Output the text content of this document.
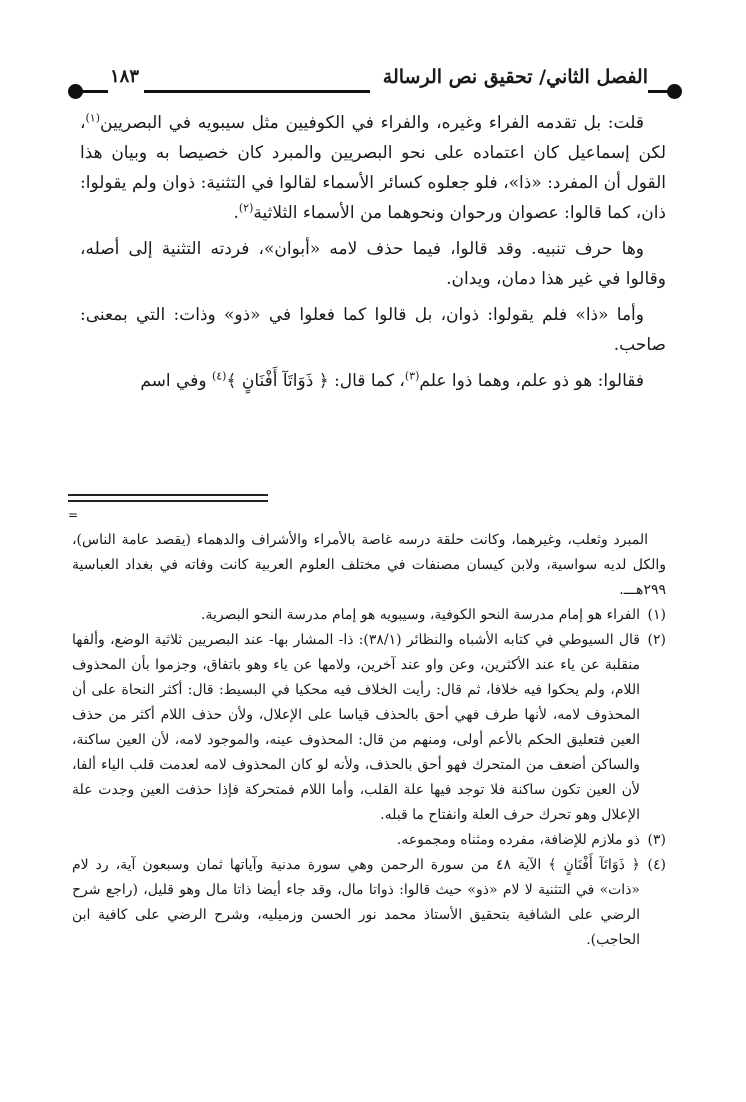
الفصل الثاني/ تحقيق نص الرسالة
١٨٣

قلت: بل تقدمه الفراء وغيره، والفراء في الكوفيين مثل سيبويه في البصريين$^{(١)}$، لكن إسماعيل كان اعتماده على نحو البصريين والمبرد كان خصيصا به وبيان هذا القول أن المفرد: «ذا»، فلو جعلوه كسائر الأسماء لقالوا في التثنية: ذوان ولم يقولوا: ذان، كما قالوا: عصوان ورحوان ونحوهما من الأسماء الثلاثية$^{(٢)}$.

وها حرف تنبيه. وقد قالوا، فيما حذف لامه «أبوان»، فردته التثنية إلى أصله، وقالوا في غير هذا دمان، ويدان.

وأما «ذا» فلم يقولوا: ذوان، بل قالوا كما فعلوا في «ذو» وذات: التي بمعنى: صاحب.

فقالوا: هو ذو علم، وهما ذوا علم$^{(٣)}$، كما قال: ﴿ ذَوَاتَآ أَفْنَانٍ ﴾$^{(٤)}$ وفي اسم

=

المبرد وثعلب، وغيرهما، وكانت حلقة درسه غاصة بالأمراء والأشراف والدهماء (يقصد عامة الناس)، والكل لديه سواسية، ولابن كيسان مصنفات في مختلف العلوم العربية كانت وفاته في بغداد العباسية ٢٩٩هـــ.

(١)
الفراء هو إمام مدرسة النحو الكوفية، وسيبويه هو إمام مدرسة النحو البصرية.

(٢)
قال السيوطي في كتابه الأشباه والنظائر (٣٨/١): ذا- المشار بها- عند البصريين ثلاثية الوضع، وألفها منقلبة عن ياء عند الأكثرين، وعن واو عند آخرين، ولامها عن ياء وهو باتفاق، وجزموا بأن المحذوف اللام، ولم يحكوا فيه خلافا، ثم قال: رأيت الخلاف فيه محكيا في البسيط: قال: أكثر النحاة على أن المحذوف لامه، لأنها طرف فهي أحق بالحذف قياسا على الإعلال، ولأن حذف اللام أكثر من حذف العين فتعليق الحكم بالأعم أولى، ومنهم من قال: المحذوف عينه، والموجود لامه، لأن العين ساكنة، والساكن أضعف من المتحرك فهو أحق بالحذف، ولأنه لو كان المحذوف لامه لعدمت قلب الياء ألفا، لأن العين تكون ساكنة فلا توجد فيها علة القلب، وأما اللام فمتحركة فإذا حذفت العين وجدت علة الإعلال وهو تحرك حرف العلة وانفتاح ما قبله.

(٣)
ذو ملازم للإضافة، مفرده ومثناه ومجموعه.

(٤)
﴿ ذَوَاتَآ أَفْنَانٍ ﴾ الآية ٤٨ من سورة الرحمن وهي سورة مدنية وآياتها ثمان وسبعون آية، رد لام «ذات» في التثنية لا لام «ذو» حيث قالوا: ذواتا مال، وقد جاء أيضا ذاتا مال وهو قليل، (راجع شرح الرضي على الشافية بتحقيق الأستاذ محمد نور الحسن وزميليه، وشرح الرضي على كافية ابن الحاجب).
